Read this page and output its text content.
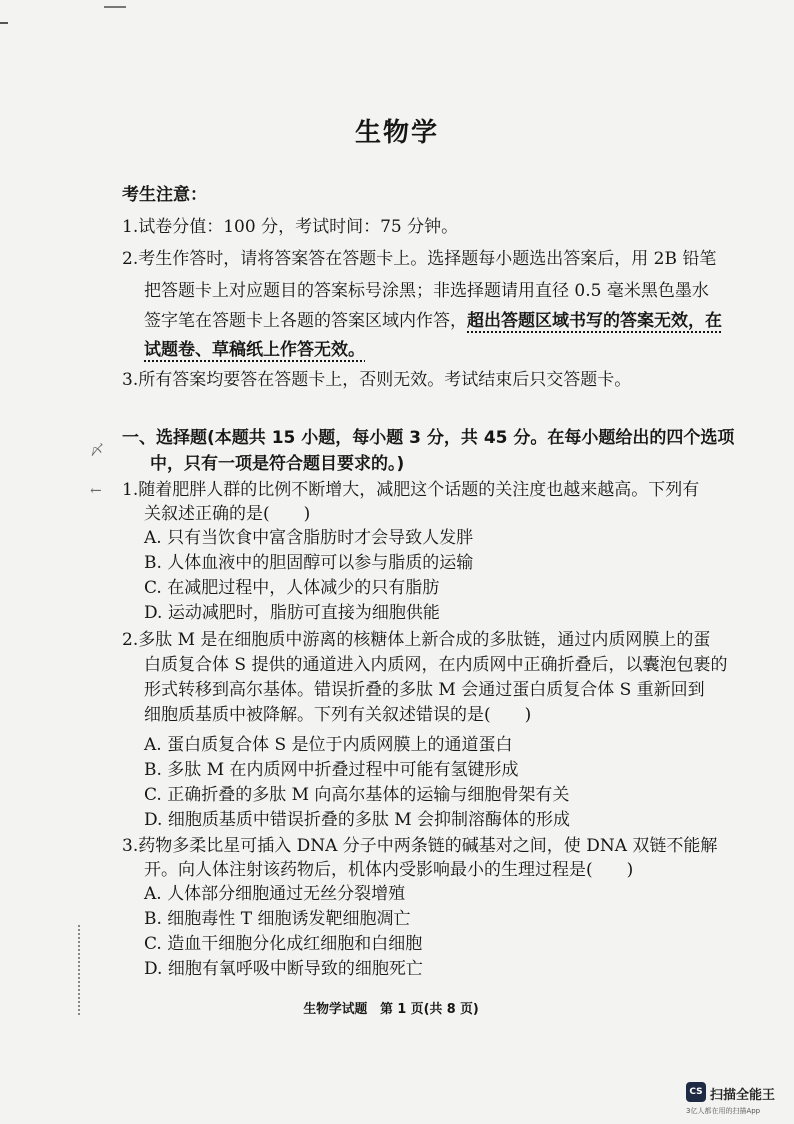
〆
←
生物学
考生注意：
1.试卷分值：100 分，考试时间：75 分钟。
2.考生作答时，请将答案答在答题卡上。选择题每小题选出答案后，用 2B 铅笔
把答题卡上对应题目的答案标号涂黑；非选择题请用直径 0.5 毫米黑色墨水
签字笔在答题卡上各题的答案区域内作答，超出答题区域书写的答案无效，在
试题卷、草稿纸上作答无效。
3.所有答案均要答在答题卡上，否则无效。考试结束后只交答题卡。
一、选择题(本题共 15 小题，每小题 3 分，共 45 分。在每小题给出的四个选项
中，只有一项是符合题目要求的。)
1.随着肥胖人群的比例不断增大，减肥这个话题的关注度也越来越高。下列有
关叙述正确的是(　　)
A. 只有当饮食中富含脂肪时才会导致人发胖
B. 人体血液中的胆固醇可以参与脂质的运输
C. 在减肥过程中，人体减少的只有脂肪
D. 运动减肥时，脂肪可直接为细胞供能
2.多肽 M 是在细胞质中游离的核糖体上新合成的多肽链，通过内质网膜上的蛋
白质复合体 S 提供的通道进入内质网，在内质网中正确折叠后，以囊泡包裹的
形式转移到高尔基体。错误折叠的多肽 M 会通过蛋白质复合体 S 重新回到
细胞质基质中被降解。下列有关叙述错误的是(　　)
A. 蛋白质复合体 S 是位于内质网膜上的通道蛋白
B. 多肽 M 在内质网中折叠过程中可能有氢键形成
C. 正确折叠的多肽 M 向高尔基体的运输与细胞骨架有关
D. 细胞质基质中错误折叠的多肽 M 会抑制溶酶体的形成
3.药物多柔比星可插入 DNA 分子中两条链的碱基对之间，使 DNA 双链不能解
开。向人体注射该药物后，机体内受影响最小的生理过程是(　　)
A. 人体部分细胞通过无丝分裂增殖
B. 细胞毒性 T 细胞诱发靶细胞凋亡
C. 造血干细胞分化成红细胞和白细胞
D. 细胞有氧呼吸中断导致的细胞死亡
生物学试题　第 1 页(共 8 页)
CS 扫描全能王
3亿人都在用的扫描App
